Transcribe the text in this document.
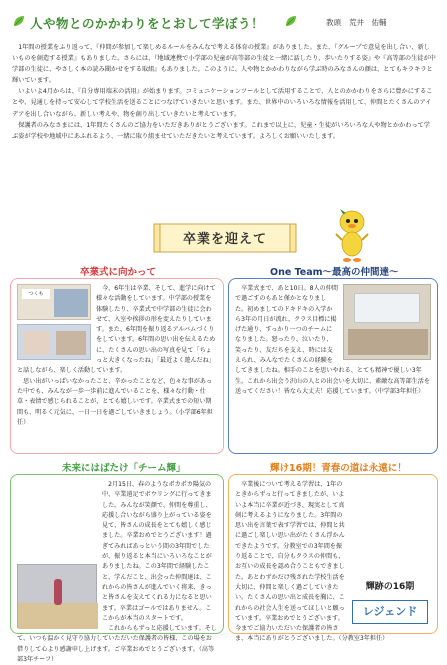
人や物とのかかわりをとおして学ぼう！	教頭 荒井　佑輔

1年間の授業をふり返って、『仲間が参加して楽しめるルールをみんなで考える体育の授業』がありました。また、『グループで意見を出し合い、新しいものを創造する授業』もありました。さらには、『地域連携で小学部の児童が高等部の生徒と一緒に話したり、歩いたりする姿』や『高等部の生徒が中学部の生徒に、やさしく本の読み聞かせをする取組』もありました。このように、人や物とかかわりながら学ぶ時のみなさんの顔は、とてもキラキラと輝いています。

いよいよ4月からは、『自分専用端末の活用』が始まります。コミュニケーションツールとして活用することで、人とのかかわりをさらに豊かにすることや、見通しを持って安心して学校生活を送ることにつなげていきたいと思います。また、世界中のいろいろな情報を活用して、仲間とたくさんのアイデアを出し合いながら、新しい考えや、物を創り出していきたいと考えています。

保護者のみなさまには、1年間たくさんのご協力をいただきありがとうございます。これまで以上に、児童・生徒がいろいろな人や物とかかわって学ぶ姿が学校や地域中にあふれるよう、一緒に取り組ませていただきたいと考えています。よろしくお願いいたします。

卒業を迎えて
卒業式に向かって
つくも

今、6年生は卒業、そして、進学に向けて様々な活動をしています。中学部の授業を体験したり、卒業式で中学部の生徒に会わせて、入室や挨拶の形を変えたりしています。また、6年間を振り返るアルバムづくりをしています。6年間の思い出を伝えるために、たくさんの思い出の写真を見て「ちょっと大きくなったね」「最近よく遊んだね」と話しながら、楽しく活動しています。

思い出がいっぱいなかったこと、辛かったことなど、色々な事があった中でも、みんなが一歩一歩前に進んでいることを、様々な行動・仕草・表情で感じられることが、とても嬉しいです。卒業式までの短い期間も、明るく元気に、一日一日を過ごしていきましょう。（小学部6年担任）

One Team～最高の仲間達～

卒業式まで、あと10日。8人の仲間で過ごすのもあと僅かとなりました。初めましてのドキドキの入学から3年の月日が流れ、クラス目標に掲げた通り、すっかり一つのチームになりました。怒ったり、泣いたり、笑ったり、友だちを支え、時には支えられ、みんなでたくさんの経験をしてきましたね。相手のことを思いやれる、とても精神で優しい3年生。これから出会う沢山の人との出会いを大切に、素敵な高等部生活を送ってください！皆なら大丈夫！応援しています。（中学部3年担任）

未来にはばたけ「チーム輝」

2月15日、春のようなポカポカ陽気の中、卒業遠足でボウリングに行ってきました。みんなが笑顔で、仲間を尊重し、応援し合いながら盛り上がっている姿を見て、皆さんの成長をとても嬉しく感じました。卒業おめでとうございます！過ぎてみればあっという間の3年間でしたが、振り返ると本当にいろいろなことがありましたね。この3年間で経験したこと、学んだこと、出会った仲間達は、これからの皆さんが進んでいく将来、きっと皆さんを支えてくれる力になると思います。卒業はゴールではありません。ここからが本当のスタートです。

これからもずっと応援しています。そして、いつも温かく見守り協力していただいた保護者の皆様、この場をお借りして心より感謝申し上げます。ご卒業おめでとうございます。（高等部3年チーフ）

輝け16期！青春の道は永遠に！

卒業後について考える学習は、1年のときからずっと行ってきましたが、いよいよ本当に卒業が近づき、現実として真剣に考えるようになりました。3年間の思い出を言葉で表す学習では、仲間と共に過ごし楽しい思い出がたくさん浮かんできたようです。分教室での3年間を振り返ることで、自分もクラスの仲間も、お互いの成長を認め合うこともできました。あとわずかだけ残された学校生活を大切に、仲間と楽しく過ごしていきたい。たくさんの思い出と成長を胸に、これからの社会人生を送ってほしいと願っています。卒業おめでとうございます。今までご協力いただいた保護者の皆さま、本当にありがとうございました。（分教室3年担任）

輝跡の16期
レジェンド
